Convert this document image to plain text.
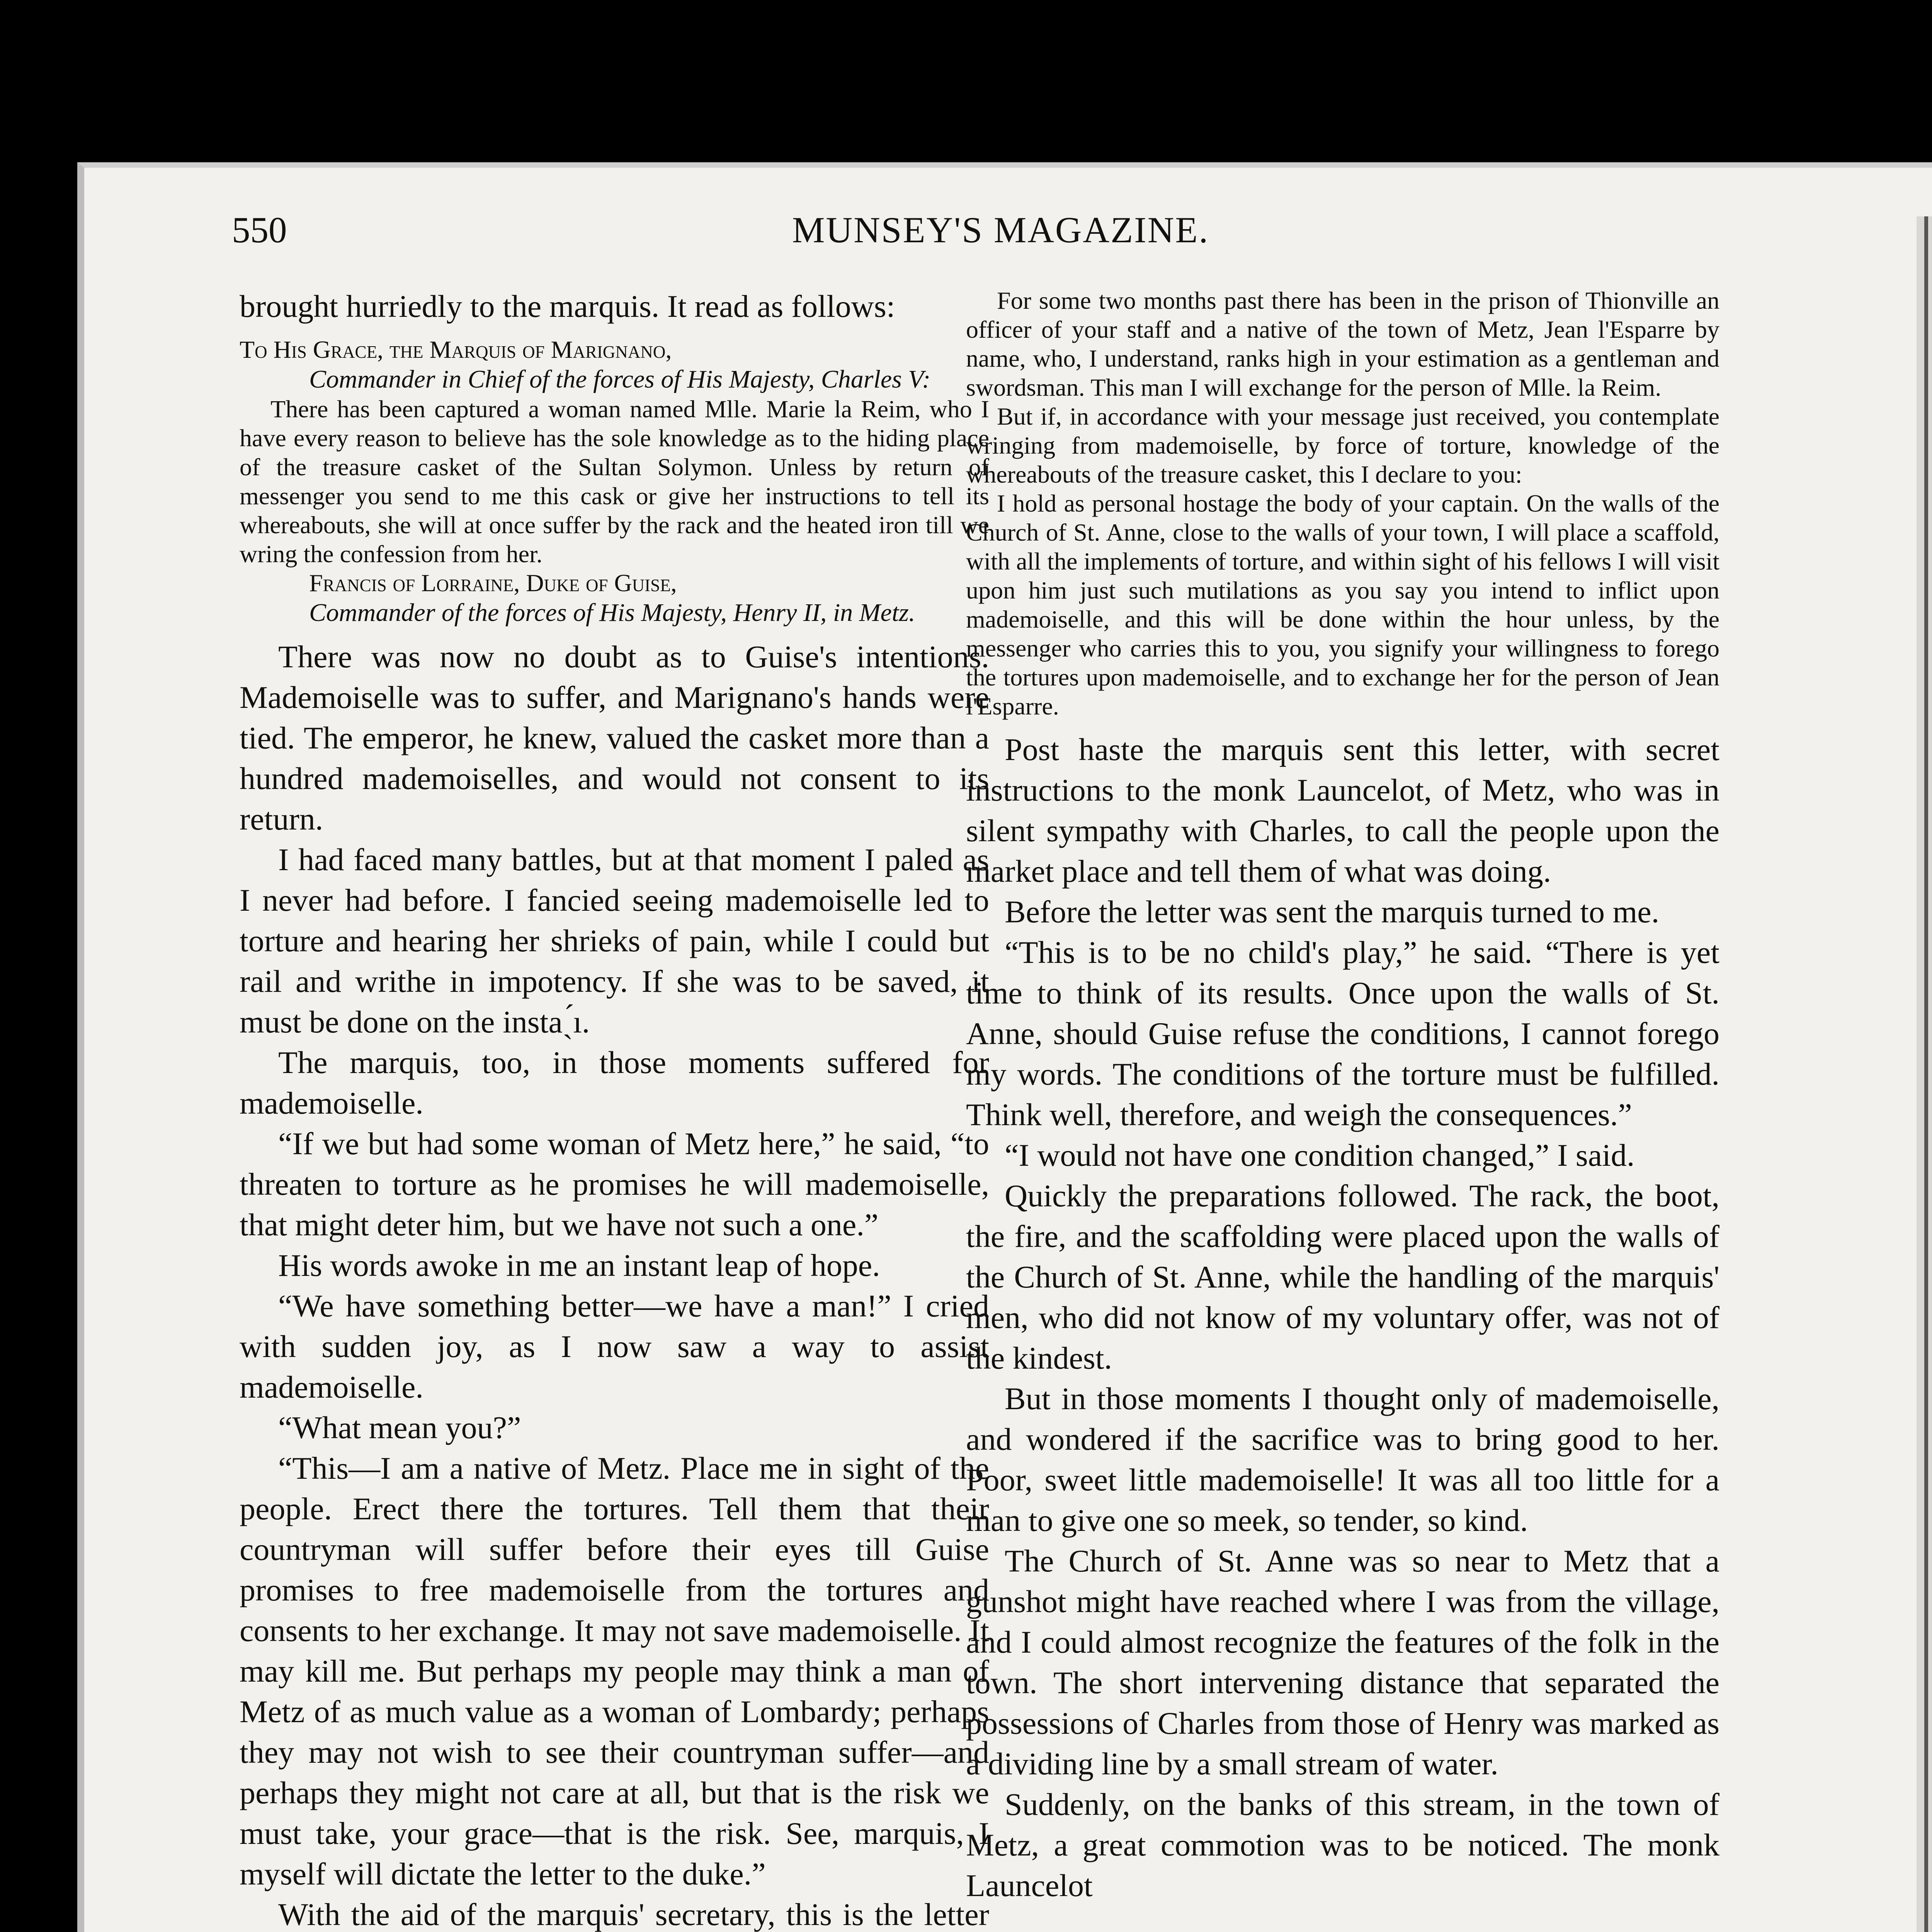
550	MUNSEY'S MAGAZINE.

brought hurriedly to the marquis. It read as follows:

To His Grace, the Marquis of Marignano,

Commander in Chief of the forces of His Majesty, Charles V:

There has been captured a woman named Mlle. Marie la Reim, who I have every reason to believe has the sole knowledge as to the hiding place of the treasure casket of the Sultan Solymon. Unless by return of messenger you send to me this cask or give her instructions to tell its whereabouts, she will at once suffer by the rack and the heated iron till we wring the confession from her.

Francis of Lorraine, Duke of Guise,

Commander of the forces of His Majesty, Henry II, in Metz.

There was now no doubt as to Guise's intentions. Mademoiselle was to suffer, and Marignano's hands were tied. The emperor, he knew, valued the casket more than a hundred mademoiselles, and would not consent to its return.

I had faced many battles, but at that moment I paled as I never had before. I fancied seeing mademoiselle led to torture and hearing her shrieks of pain, while I could but rail and writhe in impotency. If she was to be saved, it must be done on the instaˏ́ı.

The marquis, too, in those moments suffered for mademoiselle.

“If we but had some woman of Metz here,” he said, “to threaten to torture as he promises he will mademoiselle, that might deter him, but we have not such a one.”

His words awoke in me an instant leap of hope.

“We have something better—we have a man!” I cried with sudden joy, as I now saw a way to assist mademoiselle.

“What mean you?”

“This—I am a native of Metz. Place me in sight of the people. Erect there the tortures. Tell them that their countryman will suffer before their eyes till Guise promises to free mademoiselle from the tortures and consents to her exchange. It may not save mademoiselle. It may kill me. But perhaps my people may think a man of Metz of as much value as a woman of Lombardy; perhaps they may not wish to see their countryman suffer—and perhaps they might not care at all, but that is the risk we must take, your grace—that is the risk. See, marquis, I myself will dictate the letter to the duke.”

With the aid of the marquis' secretary, this is the letter

For some two months past there has been in the prison of Thionville an officer of your staff and a native of the town of Metz, Jean l'Esparre by name, who, I understand, ranks high in your estimation as a gentleman and swordsman. This man I will exchange for the person of Mlle. la Reim.

But if, in accordance with your message just received, you contemplate wringing from mademoiselle, by force of torture, knowledge of the whereabouts of the treasure casket, this I declare to you:

I hold as personal hostage the body of your captain. On the walls of the Church of St. Anne, close to the walls of your town, I will place a scaffold, with all the implements of torture, and within sight of his fellows I will visit upon him just such mutilations as you say you intend to inflict upon mademoiselle, and this will be done within the hour unless, by the messenger who carries this to you, you signify your willingness to forego the tortures upon mademoiselle, and to exchange her for the person of Jean l'Esparre.

Post haste the marquis sent this letter, with secret instructions to the monk Launcelot, of Metz, who was in silent sympathy with Charles, to call the people upon the market place and tell them of what was doing.

Before the letter was sent the marquis turned to me.

“This is to be no child's play,” he said. “There is yet time to think of its results. Once upon the walls of St. Anne, should Guise refuse the conditions, I cannot forego my words. The conditions of the torture must be fulfilled. Think well, therefore, and weigh the consequences.”

“I would not have one condition changed,” I said.

Quickly the preparations followed. The rack, the boot, the fire, and the scaffolding were placed upon the walls of the Church of St. Anne, while the handling of the marquis' men, who did not know of my voluntary offer, was not of the kindest.

But in those moments I thought only of mademoiselle, and wondered if the sacrifice was to bring good to her. Poor, sweet little mademoiselle! It was all too little for a man to give one so meek, so tender, so kind.

The Church of St. Anne was so near to Metz that a gunshot might have reached where I was from the village, and I could almost recognize the features of the folk in the town. The short intervening distance that separated the possessions of Charles from those of Henry was marked as a dividing line by a small stream of water.

Suddenly, on the banks of this stream, in the town of Metz, a great commotion was to be noticed. The monk Launcelot
